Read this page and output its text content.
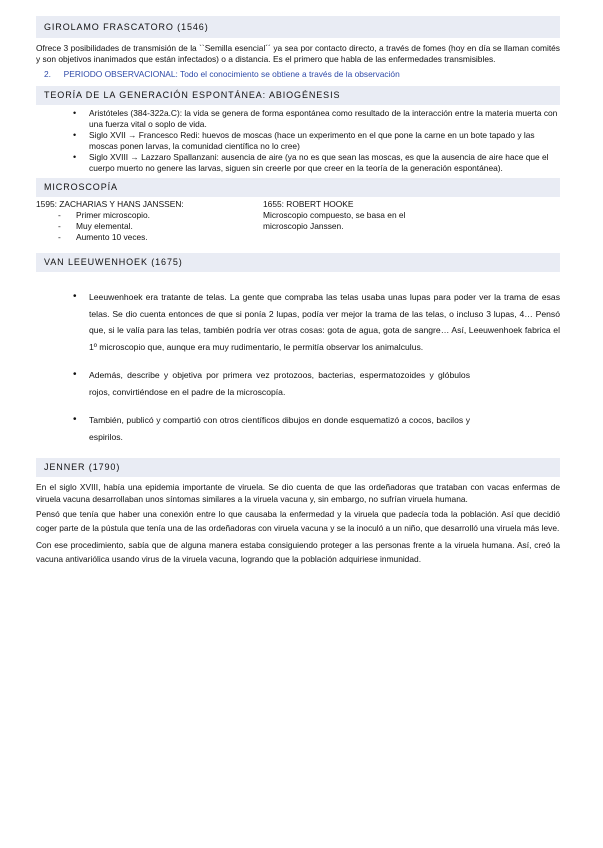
GIROLAMO FRASCATORO (1546)

Ofrece 3 posibilidades de transmisión de la ``Semilla esencial´´ ya sea por contacto directo, a través de fomes (hoy en día se llaman comités y son objetivos inanimados que están infectados) o a distancia. Es el primero que habla de las enfermedades transmisibles.

2. PERIODO OBSERVACIONAL: Todo el conocimiento se obtiene a través de la observación

TEORÍA DE LA GENERACIÓN ESPONTÁNEA: ABIOGÉNESIS
• Aristóteles (384-322a.C): la vida se genera de forma espontánea como resultado de la interacción entre la materia muerta con una fuerza vital o soplo de vida.
• Siglo XVII → Francesco Redi: huevos de moscas (hace un experimento en el que pone la carne en un bote tapado y las moscas ponen larvas, la comunidad científica no lo cree)
• Siglo XVIII → Lazzaro Spallanzani: ausencia de aire (ya no es que sean las moscas, es que la ausencia de aire hace que el cuerpo muerto no genere las larvas, siguen sin creerle por que creer en la teoría de la generación espontánea).
MICROSCOPÍA
1595: ZACHARIAS Y HANS JANSSEN:
- Primer microscopio.
- Muy elemental.
- Aumento 10 veces.
1655: ROBERT HOOKE
Microscopio compuesto, se basa en el
microscopio Janssen.
VAN LEEUWENHOEK (1675)
• Leeuwenhoek era tratante de telas. La gente que compraba las telas usaba unas lupas para poder ver la trama de esas telas. Se dio cuenta entonces de que si ponía 2 lupas, podía ver mejor la trama de las telas, o incluso 3 lupas, 4… Pensó que, si le valía para las telas, también podría ver otras cosas: gota de agua, gota de sangre… Así, Leeuwenhoek fabrica el 1º microscopio que, aunque era muy rudimentario, le permitía observar los animalculus.
• Además, describe y objetiva por primera vez protozoos, bacterias, espermatozoides y glóbulos rojos, convirtiéndose en el padre de la microscopía.
• También, publicó y compartió con otros científicos dibujos en donde esquematizó a cocos, bacilos y espirilos.
JENNER (1790)

En el siglo XVIII, había una epidemia importante de viruela. Se dio cuenta de que las ordeñadoras que trataban con vacas enfermas de viruela vacuna desarrollaban unos síntomas similares a la viruela vacuna y, sin embargo, no sufrían viruela humana.

Pensó que tenía que haber una conexión entre lo que causaba la enfermedad y la viruela que padecía toda la población. Así que decidió coger parte de la pústula que tenía una de las ordeñadoras con viruela vacuna y se la inoculó a un niño, que desarrolló una viruela más leve.

Con ese procedimiento, sabía que de alguna manera estaba consiguiendo proteger a las personas frente a la viruela humana. Así, creó la vacuna antivariólica usando virus de la viruela vacuna, logrando que la población adquiriese inmunidad.
